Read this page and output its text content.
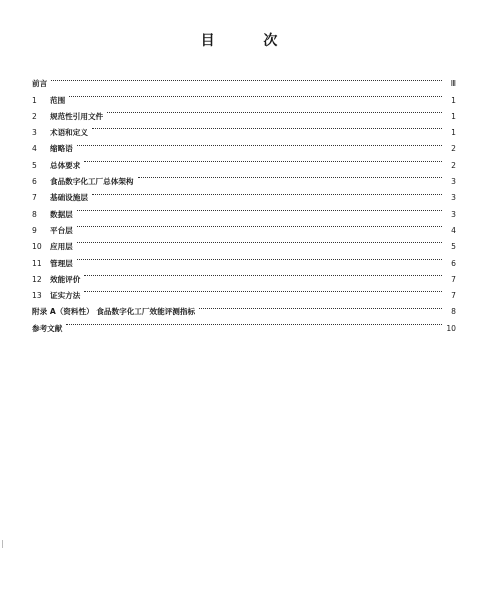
目 次
前言	Ⅲ
1	范围	1
2	规范性引用文件	1
3	术语和定义	1
4	缩略语	2
5	总体要求	2
6	食品数字化工厂总体架构	3
7	基础设施层	3
8	数据层	3
9	平台层	4
10	应用层	5
11	管理层	6
12	效能评价	7
13	证实方法	7
附录 A（资料性） 食品数字化工厂效能评测指标	8
参考文献	10
